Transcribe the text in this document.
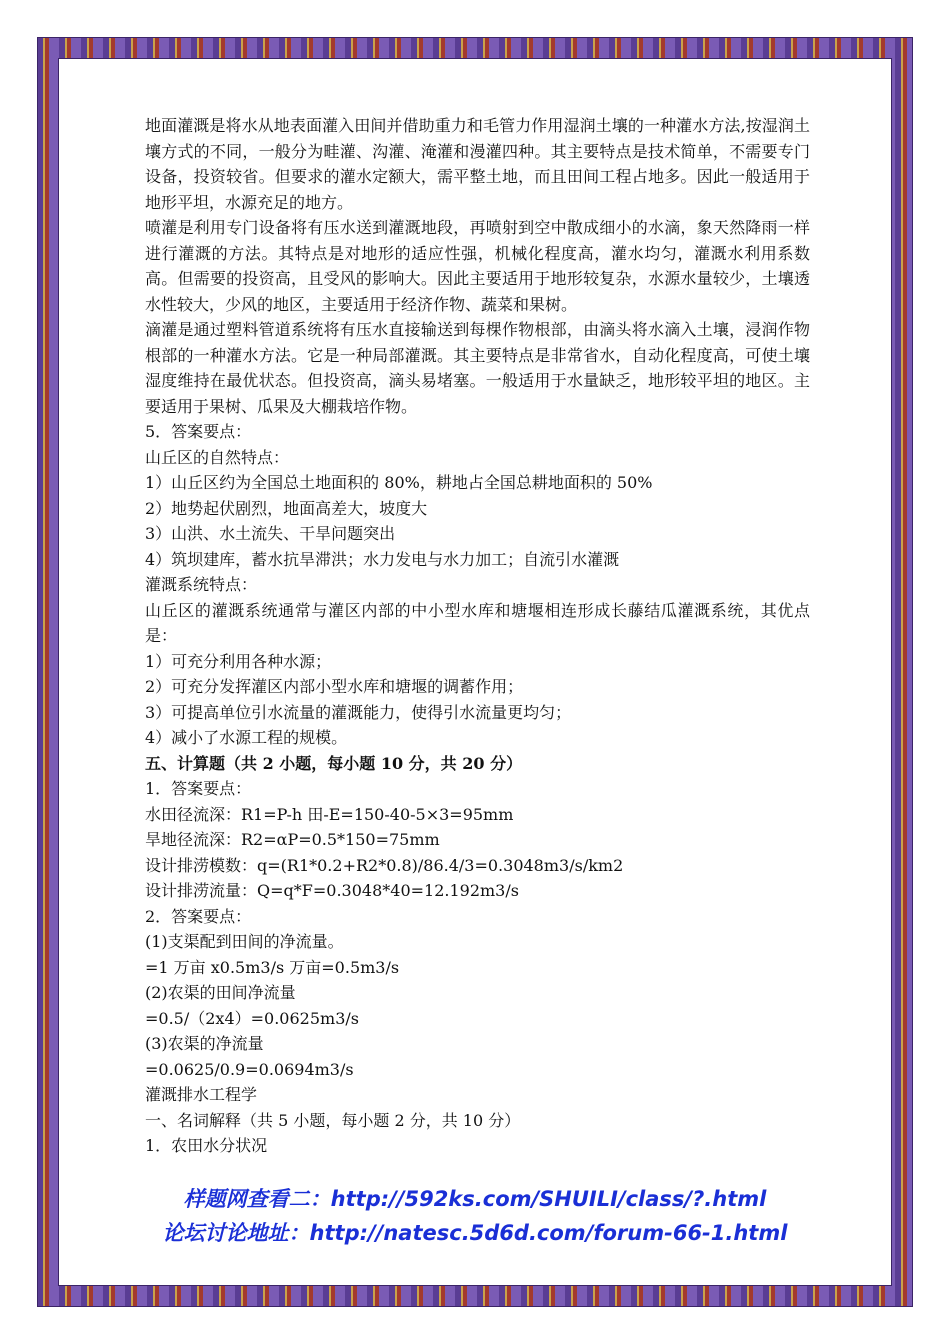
地面灌溉是将水从地表面灌入田间并借助重力和毛管力作用湿润土壤的一种灌水方法,按湿润土壤方式的不同，一般分为畦灌、沟灌、淹灌和漫灌四种。其主要特点是技术简单，不需要专门设备，投资较省。但要求的灌水定额大，需平整土地，而且田间工程占地多。因此一般适用于地形平坦，水源充足的地方。

喷灌是利用专门设备将有压水送到灌溉地段，再喷射到空中散成细小的水滴，象天然降雨一样进行灌溉的方法。其特点是对地形的适应性强，机械化程度高，灌水均匀，灌溉水利用系数高。但需要的投资高，且受风的影响大。因此主要适用于地形较复杂，水源水量较少，土壤透水性较大，少风的地区，主要适用于经济作物、蔬菜和果树。

滴灌是通过塑料管道系统将有压水直接输送到每棵作物根部，由滴头将水滴入土壤，浸润作物根部的一种灌水方法。它是一种局部灌溉。其主要特点是非常省水，自动化程度高，可使土壤湿度维持在最优状态。但投资高，滴头易堵塞。一般适用于水量缺乏，地形较平坦的地区。主要适用于果树、瓜果及大棚栽培作物。

5．答案要点：

山丘区的自然特点：

1）山丘区约为全国总土地面积的 80%，耕地占全国总耕地面积的 50%

2）地势起伏剧烈，地面高差大，坡度大

3）山洪、水土流失、干旱问题突出

4）筑坝建库，蓄水抗旱滞洪；水力发电与水力加工；自流引水灌溉

灌溉系统特点：

山丘区的灌溉系统通常与灌区内部的中小型水库和塘堰相连形成长藤结瓜灌溉系统，其优点是：

1）可充分利用各种水源；

2）可充分发挥灌区内部小型水库和塘堰的调蓄作用；

3）可提高单位引水流量的灌溉能力，使得引水流量更均匀；

4）减小了水源工程的规模。

五、计算题（共 2 小题，每小题 10 分，共 20 分）

1．答案要点：

水田径流深：R1=P-h 田-E=150-40-5×3=95mm

旱地径流深：R2=αP=0.5*150=75mm

设计排涝模数：q=(R1*0.2+R2*0.8)/86.4/3=0.3048m3/s/km2

设计排涝流量：Q=q*F=0.3048*40=12.192m3/s

2．答案要点：

(1)支渠配到田间的净流量。

=1 万亩 x0.5m3/s 万亩=0.5m3/s

(2)农渠的田间净流量

=0.5/（2x4）=0.0625m3/s

(3)农渠的净流量

=0.0625/0.9=0.0694m3/s

灌溉排水工程学

一、名词解释（共 5 小题，每小题 2 分，共 10 分）

1．农田水分状况

样题网查看二：http://592ks.com/SHUILI/class/?.html
论坛讨论地址：http://natesc.5d6d.com/forum-66-1.html
